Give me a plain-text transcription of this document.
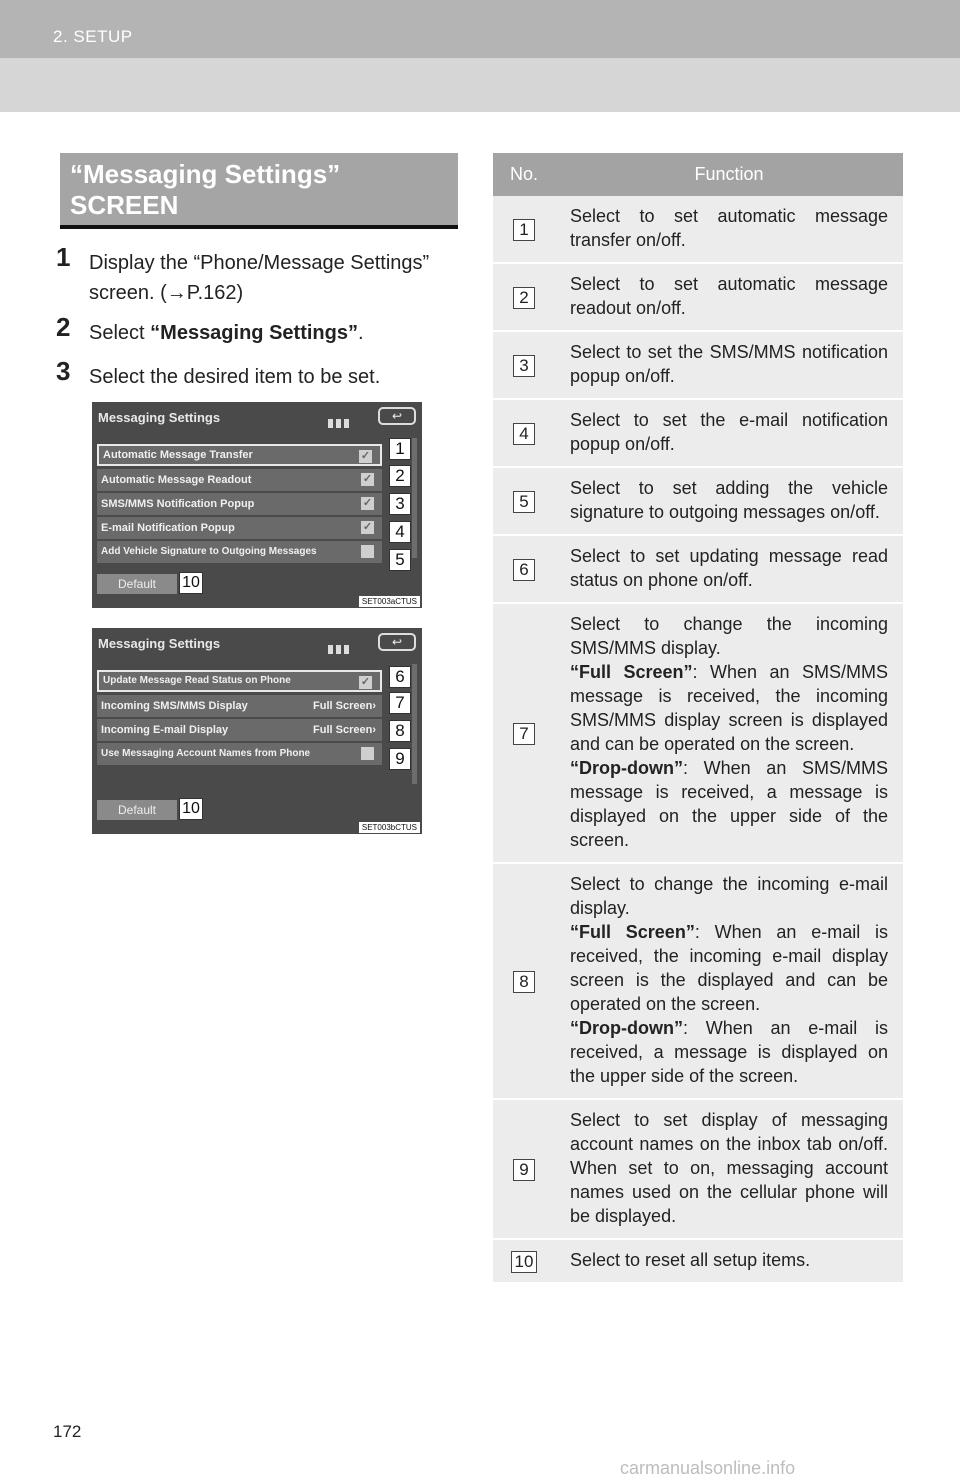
2. SETUP
“Messaging Settings”
SCREEN
1 Display the “Phone/Message Settings” screen. (→P.162)
2 Select “Messaging Settings”.
3 Select the desired item to be set.
Messaging Settings	↩
Automatic Message Transfer	✓	1
Automatic Message Readout	✓	2
SMS/MMS Notification Popup	✓	3
E-mail Notification Popup	✓	4
Add Vehicle Signature to Outgoing Messages	5
Default	10
SET003aCTUS
Messaging Settings	↩
Update Message Read Status on Phone	✓	6
Incoming SMS/MMS Display	Full Screen›	7
Incoming E-mail Display	Full Screen›	8
Use Messaging Account Names from Phone	9
Default	10
SET003bCTUS
No.	Function
1	Select to set automatic message transfer on/off.
2	Select to set automatic message readout on/off.
3	Select to set the SMS/MMS notification popup on/off.
4	Select to set the e-mail notification popup on/off.
5	Select to set adding the vehicle signature to outgoing messages on/off.
6	Select to set updating message read status on phone on/off.
7	Select to change the incoming SMS/MMS display.
“Full Screen”: When an SMS/MMS message is received, the incoming SMS/MMS display screen is displayed and can be operated on the screen.
“Drop-down”: When an SMS/MMS message is received, a message is displayed on the upper side of the screen.
8	Select to change the incoming e-mail display.
“Full Screen”: When an e-mail is received, the incoming e-mail display screen is the displayed and can be operated on the screen.
“Drop-down”: When an e-mail is received, a message is displayed on the upper side of the screen.
9	Select to set display of messaging account names on the inbox tab on/off. When set to on, messaging account names used on the cellular phone will be displayed.
10	Select to reset all setup items.
172
carmanualsonline.info
